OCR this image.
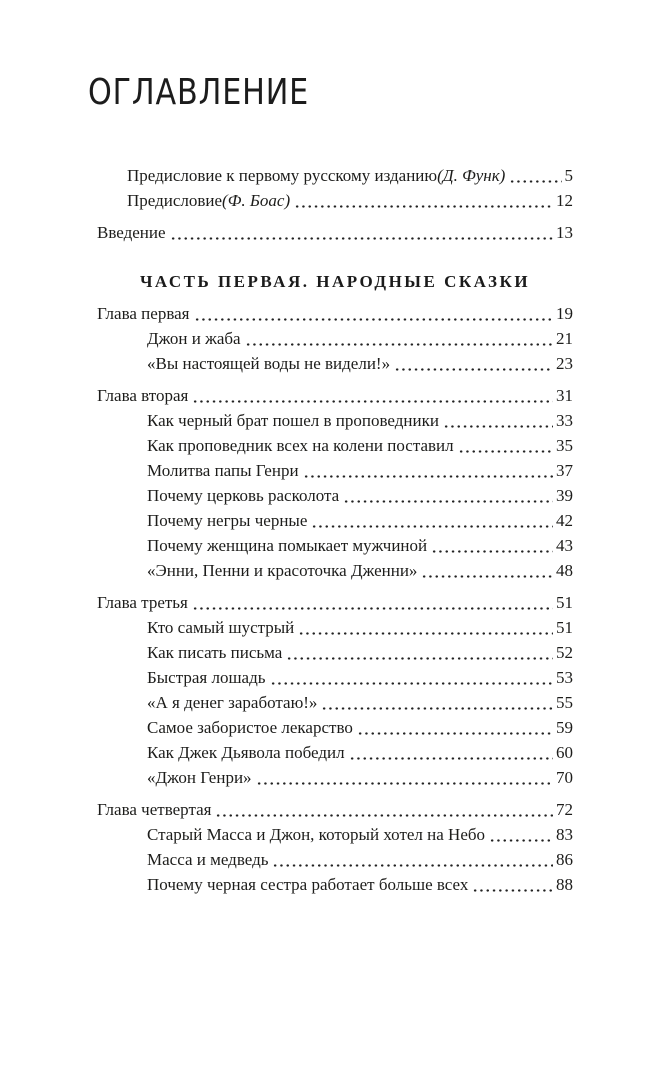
ОГЛАВЛЕНИЕ
Предисловие к первому русскому изданию (Д. Функ)	5
Предисловие (Ф. Боас)	12
Введение	13
ЧАСТЬ ПЕРВАЯ. НАРОДНЫЕ СКАЗКИ
Глава первая	19
Джон и жаба	21
«Вы настоящей воды не видели!»	23
Глава вторая	31
Как черный брат пошел в проповедники	33
Как проповедник всех на колени поставил	35
Молитва папы Генри	37
Почему церковь расколота	39
Почему негры черные	42
Почему женщина помыкает мужчиной	43
«Энни, Пенни и красоточка Дженни»	48
Глава третья	51
Кто самый шустрый	51
Как писать письма	52
Быстрая лошадь	53
«А я денег заработаю!»	55
Самое забористое лекарство	59
Как Джек Дьявола победил	60
«Джон Генри»	70
Глава четвертая	72
Старый Масса и Джон, который хотел на Небо	83
Масса и медведь	86
Почему черная сестра работает больше всех	88
